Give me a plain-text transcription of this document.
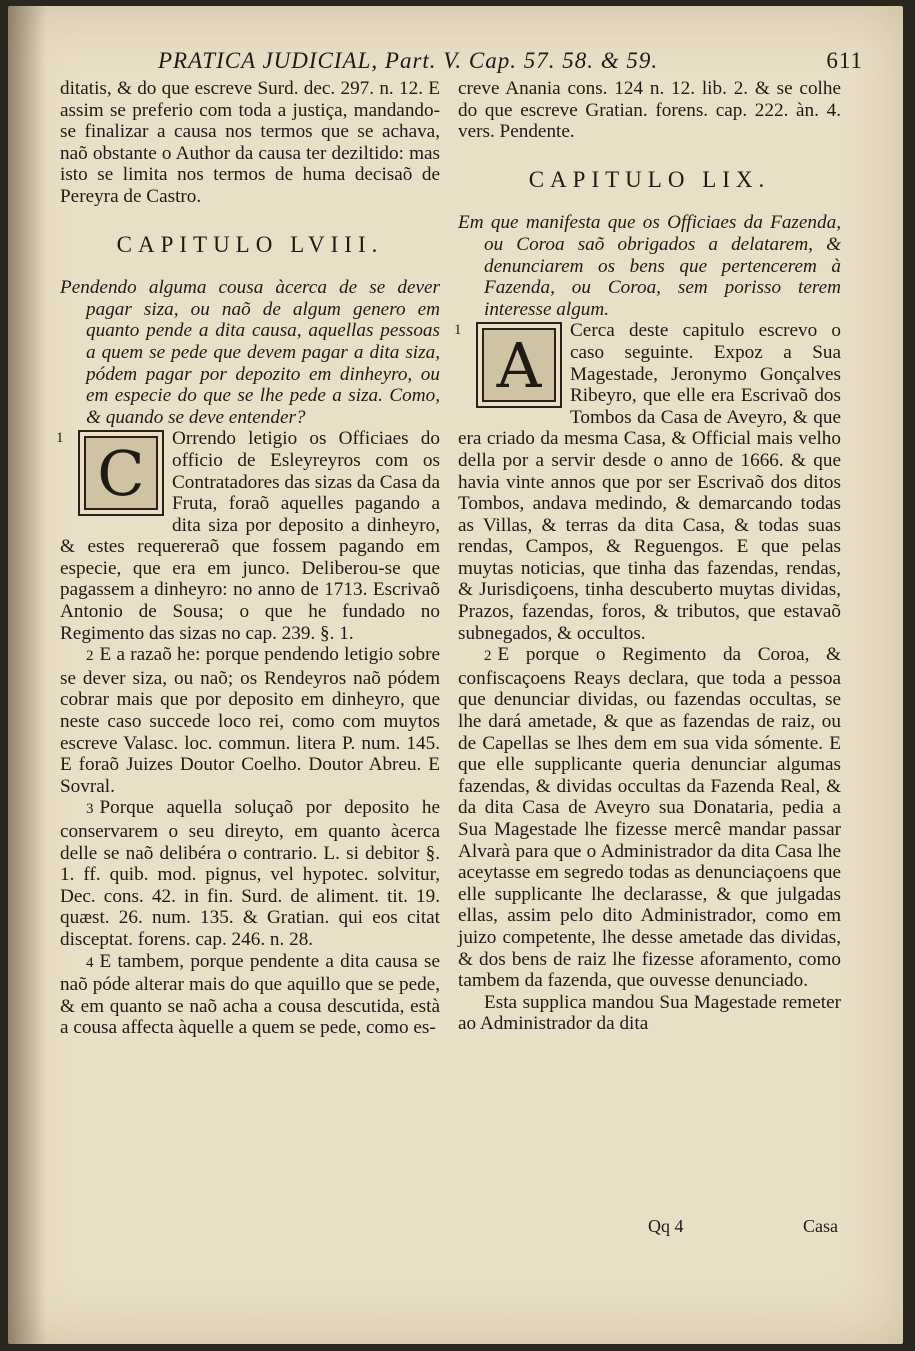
PRATICA JUDICIAL, Part. V. Cap. 57. 58. & 59.	611

ditatis, & do que escreve Surd. dec. 297. n. 12. E assim se preferio com toda a justiça, mandando-se finalizar a causa nos termos que se achava, naõ obstante o Author da causa ter deziltido: mas isto se limita nos termos de huma decisaõ de Pereyra de Castro.

CAPITULO LVIII.

Pendendo alguma cousa àcerca de se dever pagar siza, ou naõ de algum genero em quanto pende a dita causa, aquellas pessoas a quem se pede que devem pagar a dita siza, pódem pagar por depozito em dinheyro, ou em especie do que se lhe pede a siza. Como, & quando se deve entender?

1 C	Orrendo letigio os Officiaes do officio de Esleyreyros com os Contratadores das sizas da Casa da Fruta, foraõ aquelles pagando a dita siza por deposito a dinheyro, & estes requereraõ que fossem pagando em especie, que era em junco. Deliberou-se que pagassem a dinheyro: no anno de 1713. Escrivaõ Antonio de Sousa; o que he fundado no Regimento das sizas no cap. 239. §. 1.

2 E a razaõ he: porque pendendo letigio sobre se dever siza, ou naõ; os Rendeyros naõ pódem cobrar mais que por deposito em dinheyro, que neste caso succede loco rei, como com muytos escreve Valasc. loc. commun. litera P. num. 145. E foraõ Juizes Doutor Coelho. Doutor Abreu. E Sovral.

3 Porque aquella soluçaõ por deposito he conservarem o seu direyto, em quanto àcerca delle se naõ delibéra o contrario. L. si debitor §. 1. ff. quib. mod. pignus, vel hypotec. solvitur, Dec. cons. 42. in fin. Surd. de aliment. tit. 19. quæst. 26. num. 135. & Gratian. qui eos citat disceptat. forens. cap. 246. n. 28.

4 E tambem, porque pendente a dita causa se naõ póde alterar mais do que aquillo que se pede, & em quanto se naõ acha a cousa descutida, està a cousa affecta àquelle a quem se pede, como es-

creve Anania cons. 124 n. 12. lib. 2. & se colhe do que escreve Gratian. forens. cap. 222. àn. 4. vers. Pendente.

CAPITULO LIX.

Em que manifesta que os Officiaes da Fazenda, ou Coroa saõ obrigados a delatarem, & denunciarem os bens que pertencerem à Fazenda, ou Coroa, sem porisso terem interesse algum.

1 A	Cerca deste capitulo escrevo o caso seguinte. Expoz a Sua Magestade, Jeronymo Gonçalves Ribeyro, que elle era Escrivaõ dos Tombos da Casa de Aveyro, & que era criado da mesma Casa, & Official mais velho della por a servir desde o anno de 1666. & que havia vinte annos que por ser Escrivaõ dos ditos Tombos, andava medindo, & demarcando todas as Villas, & terras da dita Casa, & todas suas rendas, Campos, & Reguengos. E que pelas muytas noticias, que tinha das fazendas, rendas, & Jurisdiçoens, tinha descuberto muytas dividas, Prazos, fazendas, foros, & tributos, que estavaõ subnegados, & occultos.

2 E porque o Regimento da Coroa, & confiscaçoens Reays declara, que toda a pessoa que denunciar dividas, ou fazendas occultas, se lhe dará ametade, & que as fazendas de raiz, ou de Capellas se lhes dem em sua vida sómente. E que elle supplicante queria denunciar algumas fazendas, & dividas occultas da Fazenda Real, & da dita Casa de Aveyro sua Donataria, pedia a Sua Magestade lhe fizesse mercê mandar passar Alvarà para que o Administrador da dita Casa lhe aceytasse em segredo todas as denunciaçoens que elle supplicante lhe declarasse, & que julgadas ellas, assim pelo dito Administrador, como em juizo competente, lhe desse ametade das dividas, & dos bens de raiz lhe fizesse aforamento, como tambem da fazenda, que ouvesse denunciado.

Esta supplica mandou Sua Magestade remeter ao Administrador da dita

Qq 4	Casa
